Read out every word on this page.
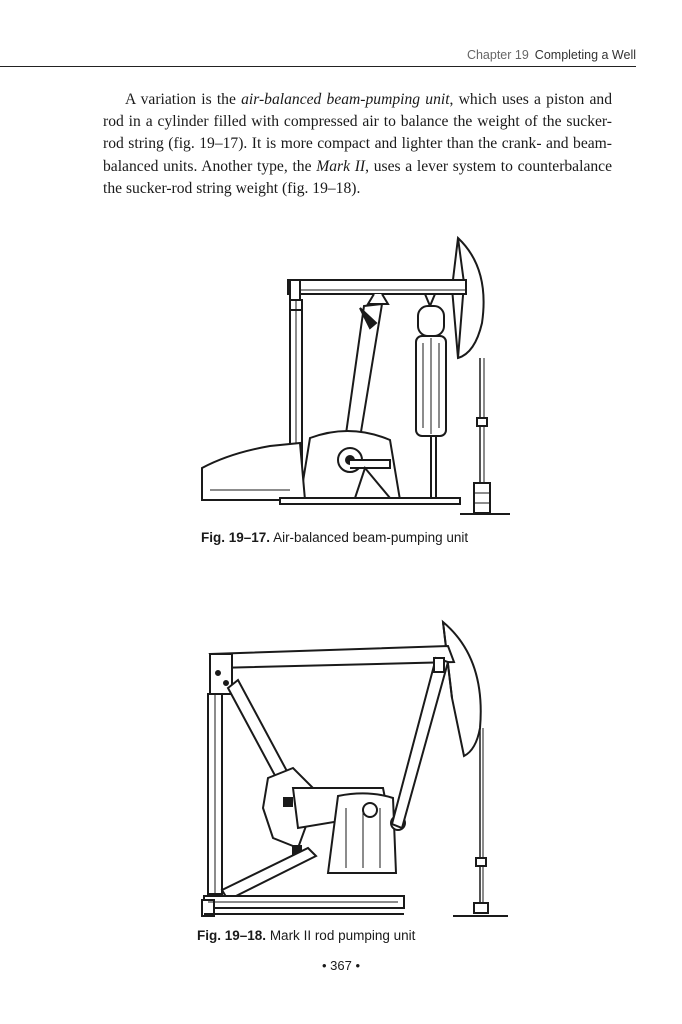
Chapter 19 Completing a Well

A variation is the air-balanced beam-pumping unit, which uses a piston and rod in a cylinder filled with compressed air to balance the weight of the sucker-rod string (fig. 19–17). It is more compact and lighter than the crank- and beam-balanced units. Another type, the Mark II, uses a lever system to counterbalance the sucker-rod string weight (fig. 19–18).

Fig. 19–17. Air-balanced beam-pumping unit
Fig. 19–18. Mark II rod pumping unit
• 367 •
